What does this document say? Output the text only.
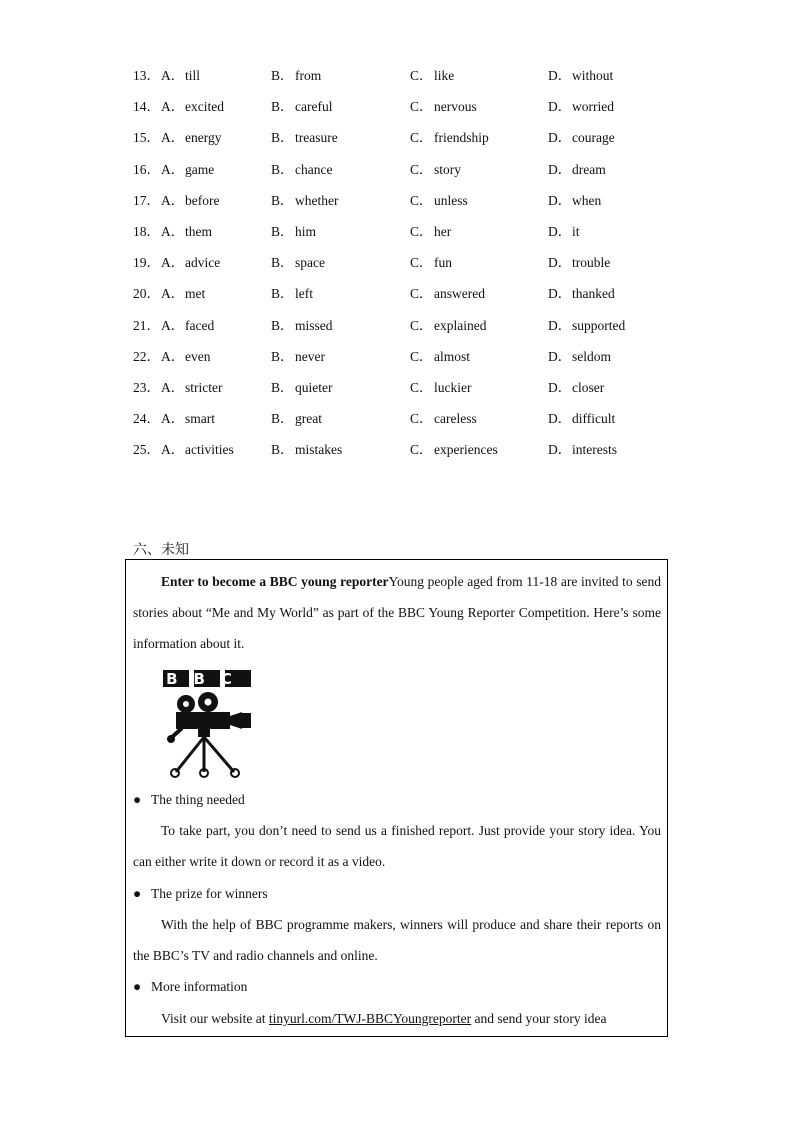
13．A．till	B．from	C．like	D．without
14．A．excited	B．careful	C．nervous	D．worried
15．A．energy	B．treasure	C．friendship	D．courage
16．A．game	B．chance	C．story	D．dream
17．A．before	B．whether	C．unless	D．when
18．A．them	B．him	C．her	D．it
19．A．advice	B．space	C．fun	D．trouble
20．A．met	B．left	C．answered	D．thanked
21．A．faced	B．missed	C．explained	D．supported
22．A．even	B．never	C．almost	D．seldom
23．A．stricter	B．quieter	C．luckier	D．closer
24．A．smart	B．great	C．careless	D．difficult
25．A．activities	B．mistakes	C．experiences	D．interests
六、未知
Enter to become a BBC young reporterYoung people aged from 11-18 are invited to send stories about “Me and My World” as part of the BBC Young Reporter Competition. Here’s some information about it.
BBC
● The thing needed
To take part, you don’t need to send us a finished report. Just provide your story idea. You can either write it down or record it as a video.
● The prize for winners
With the help of BBC programme makers, winners will produce and share their reports on the BBC’s TV and radio channels and online.
● More information
Visit our website at tinyurl.com/TWJ-BBCYoungreporter and send your story idea
